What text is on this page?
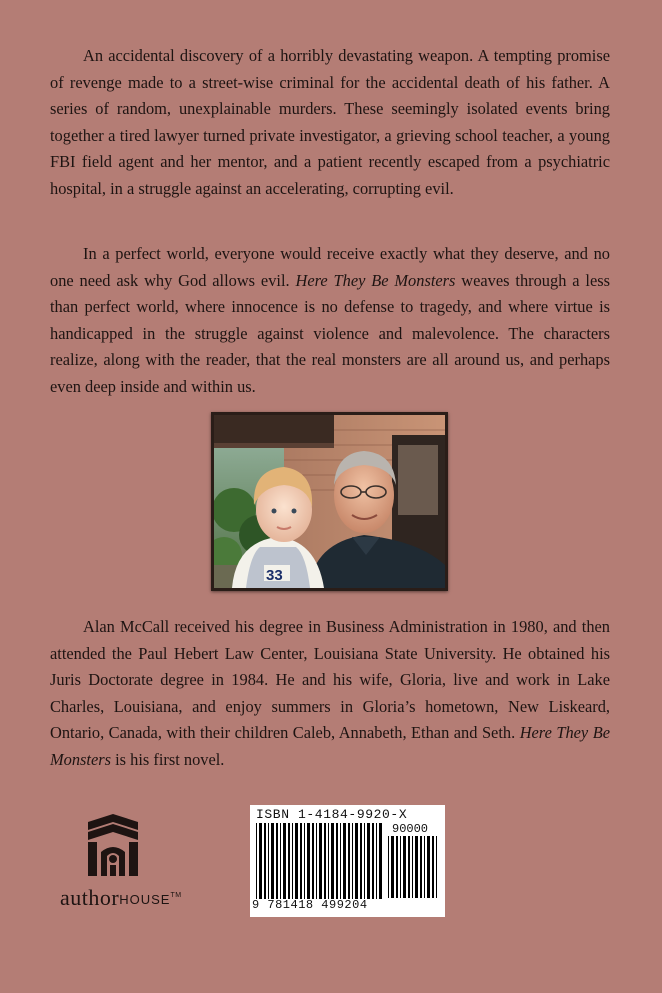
An accidental discovery of a horribly devastating weapon. A tempting promise of revenge made to a street-wise criminal for the accidental death of his father. A series of random, unexplainable murders. These seemingly isolated events bring together a tired lawyer turned private investigator, a grieving school teacher, a young FBI field agent and her mentor, and a patient recently escaped from a psychiatric hospital, in a struggle against an accelerating, corrupting evil.

In a perfect world, everyone would receive exactly what they deserve, and no one need ask why God allows evil. Here They Be Monsters weaves through a less than perfect world, where innocence is no defense to tragedy, and where virtue is handicapped in the struggle against violence and malevolence. The characters realize, along with the reader, that the real monsters are all around us, and perhaps even deep inside and within us.

33

Alan McCall received his degree in Business Administration in 1980, and then attended the Paul Hebert Law Center, Louisiana State University. He obtained his Juris Doctorate degree in 1984. He and his wife, Gloria, live and work in Lake Charles, Louisiana, and enjoy summers in Gloria’s hometown, New Liskeard, Ontario, Canada, with their children Caleb, Annabeth, Ethan and Seth. Here They Be Monsters is his first novel.

authorHOUSE™
ISBN 1-4184-9920-X
90000
9 781418 499204
